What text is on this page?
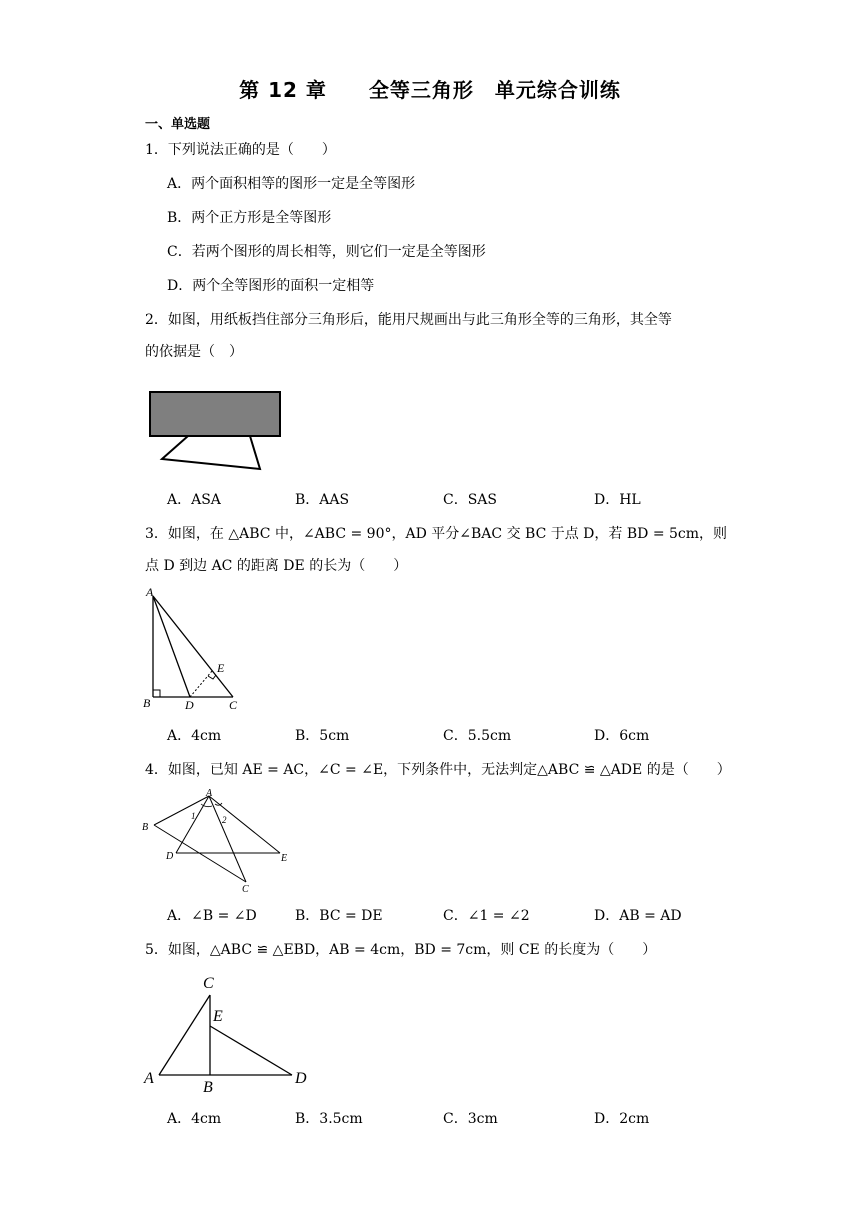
第 12 章　　全等三角形　单元综合训练
一、单选题
1．下列说法正确的是（　　）
A．两个面积相等的图形一定是全等图形
B．两个正方形是全等图形
C．若两个图形的周长相等，则它们一定是全等图形
D．两个全等图形的面积一定相等
2．如图，用纸板挡住部分三角形后，能用尺规画出与此三角形全等的三角形，其全等
的依据是（　）
A．ASA	B．AAS	C．SAS	D．HL
3．如图，在 △ABC 中，∠ABC = 90°，AD 平分∠BAC 交 BC 于点 D，若 BD = 5cm，则
点 D 到边 AC 的距离 DE 的长为（　　）
A
B	D	C
E
A．4cm	B．5cm	C．5.5cm	D．6cm
4．如图，已知 AE = AC，∠C = ∠E，下列条件中，无法判定△ABC ≌ △ADE 的是（　　）
A
B
D	E
C
1	2
A．∠B = ∠D	B．BC = DE	C．∠1 = ∠2	D．AB = AD
5．如图，△ABC ≌ △EBD，AB = 4cm，BD = 7cm，则 CE 的长度为（　　）
C
E
A
B
D
A．4cm	B．3.5cm	C．3cm	D．2cm
